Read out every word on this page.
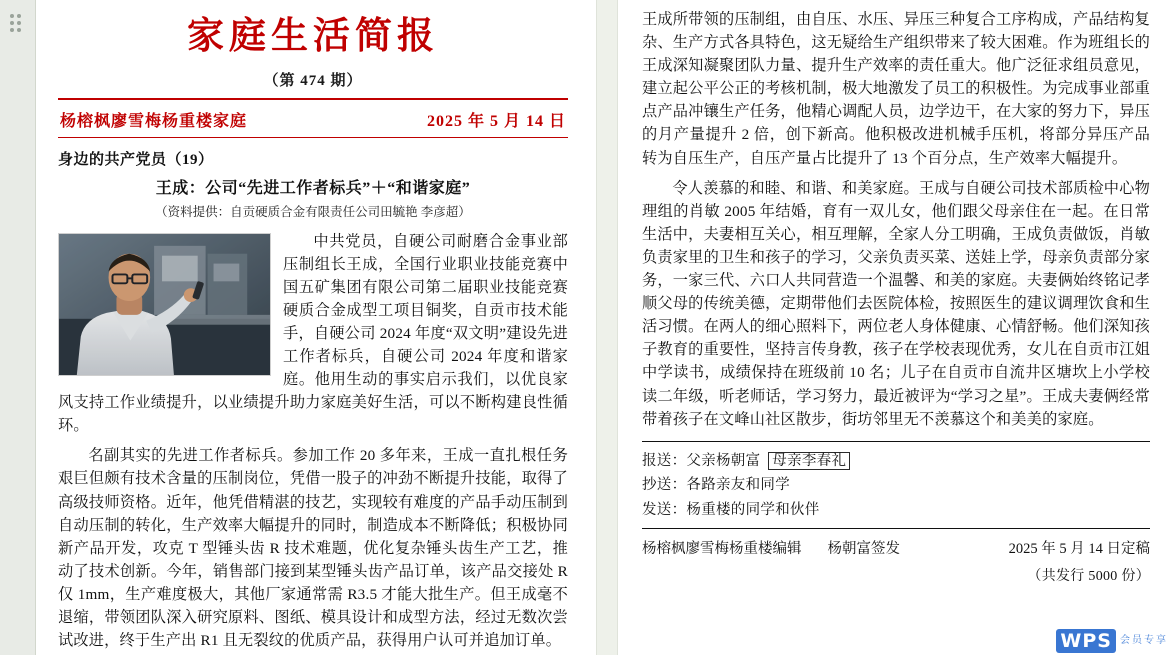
家庭生活简报
（第 474 期）
杨榕枫廖雪梅杨重楼家庭	2025 年 5 月 14 日
身边的共产党员（19）
王成：公司“先进工作者标兵”＋“和谐家庭”
（资料提供：自贡硬质合金有限责任公司田毓艳 李彦超）

中共党员，自硬公司耐磨合金事业部压制组长王成，全国行业职业技能竞赛中国五矿集团有限公司第二届职业技能竞赛硬质合金成型工项目铜奖，自贡市技术能手，自硬公司 2024 年度“双文明”建设先进工作者标兵，自硬公司 2024 年度和谐家庭。他用生动的事实启示我们，以优良家风支持工作业绩提升，以业绩提升助力家庭美好生活，可以不断构建良性循环。

名副其实的先进工作者标兵。参加工作 20 多年来，王成一直扎根任务艰巨但颇有技术含量的压制岗位，凭借一股子的冲劲不断提升技能，取得了高级技师资格。近年，他凭借精湛的技艺，实现较有难度的产品手动压制到自动压制的转化，生产效率大幅提升的同时，制造成本不断降低；积极协同新产品开发，攻克 T 型锤头齿 R 技术难题，优化复杂锤头齿生产工艺，推动了技术创新。今年，销售部门接到某型锤头齿产品订单，该产品交接处 R 仅 1mm，生产难度极大，其他厂家通常需 R3.5 才能大批生产。但王成毫不退缩，带领团队深入研究原料、图纸、模具设计和成型方法，经过无数次尝试改进，终于生产出 R1 且无裂纹的优质产品，获得用户认可并追加订单。

王成所带领的压制组，由自压、水压、异压三种复合工序构成，产品结构复杂、生产方式各具特色，这无疑给生产组织带来了较大困难。作为班组长的王成深知凝聚团队力量、提升生产效率的责任重大。他广泛征求组员意见，建立起公平公正的考核机制，极大地激发了员工的积极性。为完成事业部重点产品冲镶生产任务，他精心调配人员，边学边干，在大家的努力下，异压的月产量提升 2 倍，创下新高。他积极改进机械手压机，将部分异压产品转为自压生产，自压产量占比提升了 13 个百分点，生产效率大幅提升。

令人羡慕的和睦、和谐、和美家庭。王成与自硬公司技术部质检中心物理组的肖敏 2005 年结婚，育有一双儿女，他们跟父母亲住在一起。在日常生活中，夫妻相互关心，相互理解，全家人分工明确，王成负责做饭，肖敏负责家里的卫生和孩子的学习，父亲负责买菜、送娃上学，母亲负责部分家务，一家三代、六口人共同营造一个温馨、和美的家庭。夫妻俩始终铭记孝顺父母的传统美德，定期带他们去医院体检，按照医生的建议调理饮食和生活习惯。在两人的细心照料下，两位老人身体健康、心情舒畅。他们深知孩子教育的重要性，坚持言传身教，孩子在学校表现优秀，女儿在自贡市江姐中学读书，成绩保持在班级前 10 名；儿子在自贡市自流井区塘坎上小学校读二年级，听老师话，学习努力，最近被评为“学习之星”。王成夫妻俩经常带着孩子在文峰山社区散步，街坊邻里无不羡慕这个和美美的家庭。

报送：父亲杨朝富 母亲李春礼
抄送：各路亲友和同学
发送：杨重楼的同学和伙伴
杨榕枫廖雪梅杨重楼编辑 杨朝富签发	2025 年 5 月 14 日定稿
（共发行 5000 份）
WPS 会员专享
